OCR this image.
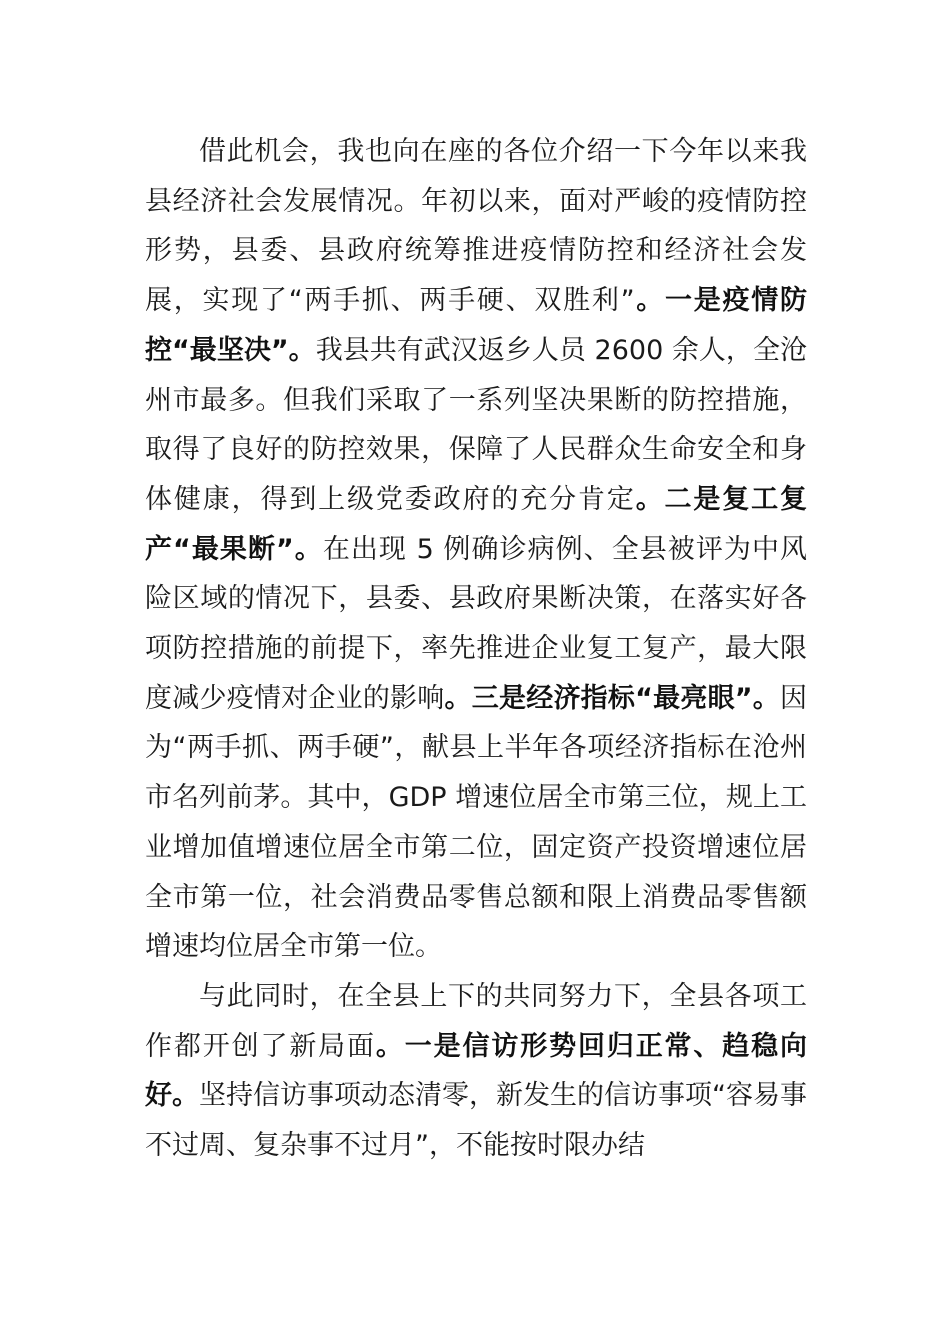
借此机会，我也向在座的各位介绍一下今年以来我县经济社会发展情况。年初以来，面对严峻的疫情防控形势，县委、县政府统筹推进疫情防控和经济社会发展，实现了“两手抓、两手硬、双胜利”。一是疫情防控“最坚决”。我县共有武汉返乡人员 2600 余人，全沧州市最多。但我们采取了一系列坚决果断的防控措施，取得了良好的防控效果，保障了人民群众生命安全和身体健康，得到上级党委政府的充分肯定。二是复工复产“最果断”。在出现 5 例确诊病例、全县被评为中风险区域的情况下，县委、县政府果断决策，在落实好各项防控措施的前提下，率先推进企业复工复产，最大限度减少疫情对企业的影响。三是经济指标“最亮眼”。因为“两手抓、两手硬”，献县上半年各项经济指标在沧州市名列前茅。其中，GDP 增速位居全市第三位，规上工业增加值增速位居全市第二位，固定资产投资增速位居全市第一位，社会消费品零售总额和限上消费品零售额增速均位居全市第一位。

与此同时，在全县上下的共同努力下，全县各项工作都开创了新局面。一是信访形势回归正常、趋稳向好。坚持信访事项动态清零，新发生的信访事项“容易事不过周、复杂事不过月”，不能按时限办结
